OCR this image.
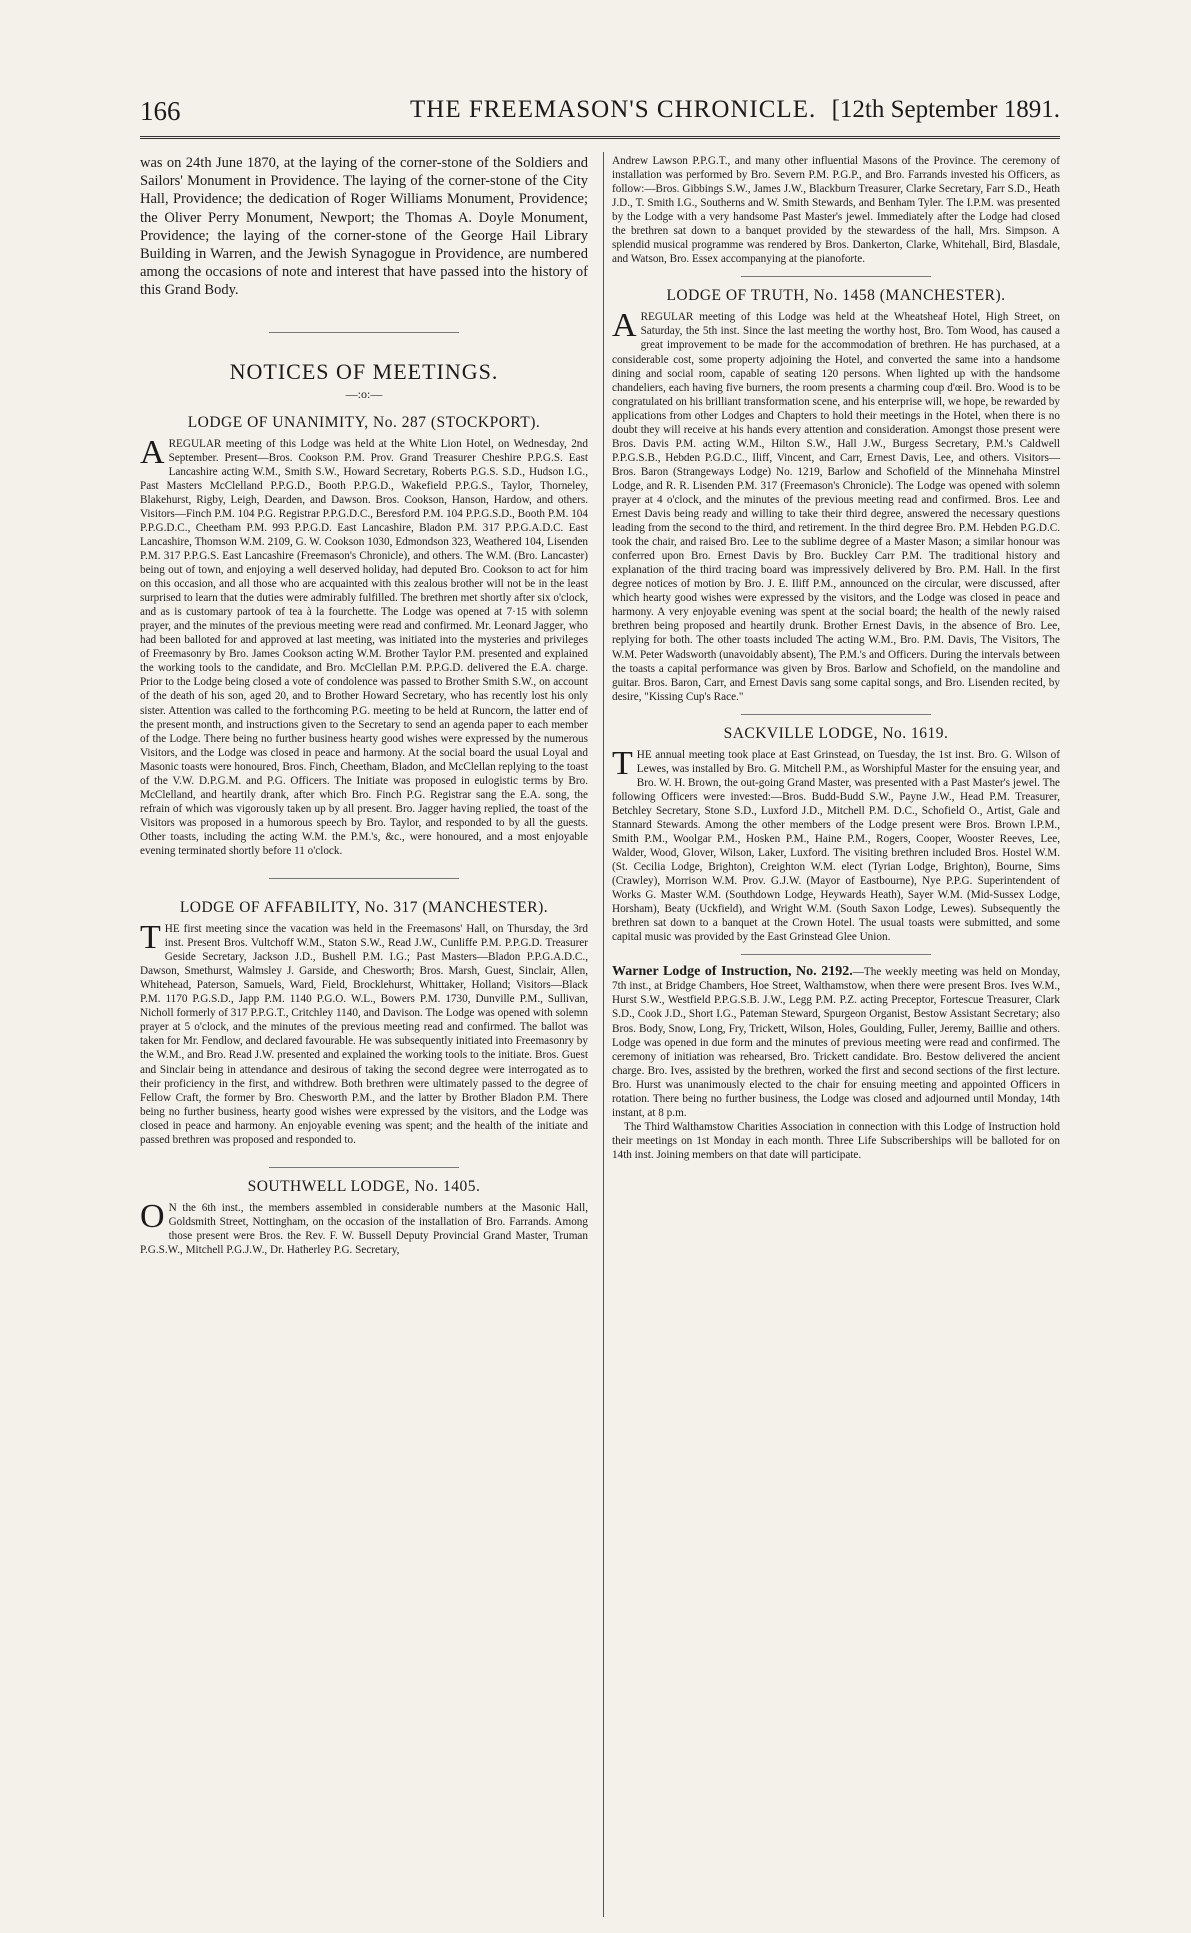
166	THE FREEMASON'S CHRONICLE. [12th September 1891.

was on 24th June 1870, at the laying of the corner-stone of the Soldiers and Sailors' Monument in Providence. The laying of the corner-stone of the City Hall, Providence; the dedication of Roger Williams Monument, Providence; the Oliver Perry Monument, Newport; the Thomas A. Doyle Monument, Providence; the laying of the corner-stone of the George Hail Library Building in Warren, and the Jewish Synagogue in Providence, are numbered among the occasions of note and interest that have passed into the history of this Grand Body.

NOTICES OF MEETINGS.
—:o:—
LODGE OF UNANIMITY, No. 287 (STOCKPORT).

AREGULAR meeting of this Lodge was held at the White Lion Hotel, on Wednesday, 2nd September. Present—Bros. Cookson P.M. Prov. Grand Treasurer Cheshire P.P.G.S. East Lancashire acting W.M., Smith S.W., Howard Secretary, Roberts P.G.S. S.D., Hudson I.G., Past Masters McClelland P.P.G.D., Booth P.P.G.D., Wakefield P.P.G.S., Taylor, Thorneley, Blakehurst, Rigby, Leigh, Dearden, and Dawson. Bros. Cookson, Hanson, Hardow, and others. Visitors—Finch P.M. 104 P.G. Registrar P.P.G.D.C., Beresford P.M. 104 P.P.G.S.D., Booth P.M. 104 P.P.G.D.C., Cheetham P.M. 993 P.P.G.D. East Lancashire, Bladon P.M. 317 P.P.G.A.D.C. East Lancashire, Thomson W.M. 2109, G. W. Cookson 1030, Edmondson 323, Weathered 104, Lisenden P.M. 317 P.P.G.S. East Lancashire (Freemason's Chronicle), and others. The W.M. (Bro. Lancaster) being out of town, and enjoying a well deserved holiday, had deputed Bro. Cookson to act for him on this occasion, and all those who are acquainted with this zealous brother will not be in the least surprised to learn that the duties were admirably fulfilled. The brethren met shortly after six o'clock, and as is customary partook of tea à la fourchette. The Lodge was opened at 7·15 with solemn prayer, and the minutes of the previous meeting were read and confirmed. Mr. Leonard Jagger, who had been balloted for and approved at last meeting, was initiated into the mysteries and privileges of Freemasonry by Bro. James Cookson acting W.M. Brother Taylor P.M. presented and explained the working tools to the candidate, and Bro. McClellan P.M. P.P.G.D. delivered the E.A. charge. Prior to the Lodge being closed a vote of condolence was passed to Brother Smith S.W., on account of the death of his son, aged 20, and to Brother Howard Secretary, who has recently lost his only sister. Attention was called to the forthcoming P.G. meeting to be held at Runcorn, the latter end of the present month, and instructions given to the Secretary to send an agenda paper to each member of the Lodge. There being no further business hearty good wishes were expressed by the numerous Visitors, and the Lodge was closed in peace and harmony. At the social board the usual Loyal and Masonic toasts were honoured, Bros. Finch, Cheetham, Bladon, and McClellan replying to the toast of the V.W. D.P.G.M. and P.G. Officers. The Initiate was proposed in eulogistic terms by Bro. McClelland, and heartily drank, after which Bro. Finch P.G. Registrar sang the E.A. song, the refrain of which was vigorously taken up by all present. Bro. Jagger having replied, the toast of the Visitors was proposed in a humorous speech by Bro. Taylor, and responded to by all the guests. Other toasts, including the acting W.M. the P.M.'s, &c., were honoured, and a most enjoyable evening terminated shortly before 11 o'clock.

LODGE OF AFFABILITY, No. 317 (MANCHESTER).

THE first meeting since the vacation was held in the Freemasons' Hall, on Thursday, the 3rd inst. Present Bros. Vultchoff W.M., Staton S.W., Read J.W., Cunliffe P.M. P.P.G.D. Treasurer Geside Secretary, Jackson J.D., Bushell P.M. I.G.; Past Masters—Bladon P.P.G.A.D.C., Dawson, Smethurst, Walmsley J. Garside, and Chesworth; Bros. Marsh, Guest, Sinclair, Allen, Whitehead, Paterson, Samuels, Ward, Field, Brocklehurst, Whittaker, Holland; Visitors—Black P.M. 1170 P.G.S.D., Japp P.M. 1140 P.G.O. W.L., Bowers P.M. 1730, Dunville P.M., Sullivan, Nicholl formerly of 317 P.P.G.T., Critchley 1140, and Davison. The Lodge was opened with solemn prayer at 5 o'clock, and the minutes of the previous meeting read and confirmed. The ballot was taken for Mr. Fendlow, and declared favourable. He was subsequently initiated into Freemasonry by the W.M., and Bro. Read J.W. presented and explained the working tools to the initiate. Bros. Guest and Sinclair being in attendance and desirous of taking the second degree were interrogated as to their proficiency in the first, and withdrew. Both brethren were ultimately passed to the degree of Fellow Craft, the former by Bro. Chesworth P.M., and the latter by Brother Bladon P.M. There being no further business, hearty good wishes were expressed by the visitors, and the Lodge was closed in peace and harmony. An enjoyable evening was spent; and the health of the initiate and passed brethren was proposed and responded to.

SOUTHWELL LODGE, No. 1405.

O N the 6th inst., the members assembled in considerable numbers at the Masonic Hall, Goldsmith Street, Nottingham, on the occasion of the installation of Bro. Farrands. Among those present were Bros. the Rev. F. W. Bussell Deputy Provincial Grand Master, Truman P.G.S.W., Mitchell P.G.J.W., Dr. Hatherley P.G. Secretary,

Andrew Lawson P.P.G.T., and many other influential Masons of the Province. The ceremony of installation was performed by Bro. Severn P.M. P.G.P., and Bro. Farrands invested his Officers, as follow:—Bros. Gibbings S.W., James J.W., Blackburn Treasurer, Clarke Secretary, Farr S.D., Heath J.D., T. Smith I.G., Southerns and W. Smith Stewards, and Benham Tyler. The I.P.M. was presented by the Lodge with a very handsome Past Master's jewel. Immediately after the Lodge had closed the brethren sat down to a banquet provided by the stewardess of the hall, Mrs. Simpson. A splendid musical programme was rendered by Bros. Dankerton, Clarke, Whitehall, Bird, Blasdale, and Watson, Bro. Essex accompanying at the pianoforte.

LODGE OF TRUTH, No. 1458 (MANCHESTER).

AREGULAR meeting of this Lodge was held at the Wheatsheaf Hotel, High Street, on Saturday, the 5th inst. Since the last meeting the worthy host, Bro. Tom Wood, has caused a great improvement to be made for the accommodation of brethren. He has purchased, at a considerable cost, some property adjoining the Hotel, and converted the same into a handsome dining and social room, capable of seating 120 persons. When lighted up with the handsome chandeliers, each having five burners, the room presents a charming coup d'œil. Bro. Wood is to be congratulated on his brilliant transformation scene, and his enterprise will, we hope, be rewarded by applications from other Lodges and Chapters to hold their meetings in the Hotel, when there is no doubt they will receive at his hands every attention and consideration. Amongst those present were Bros. Davis P.M. acting W.M., Hilton S.W., Hall J.W., Burgess Secretary, P.M.'s Caldwell P.P.G.S.B., Hebden P.G.D.C., Iliff, Vincent, and Carr, Ernest Davis, Lee, and others. Visitors—Bros. Baron (Strangeways Lodge) No. 1219, Barlow and Schofield of the Minnehaha Minstrel Lodge, and R. R. Lisenden P.M. 317 (Freemason's Chronicle). The Lodge was opened with solemn prayer at 4 o'clock, and the minutes of the previous meeting read and confirmed. Bros. Lee and Ernest Davis being ready and willing to take their third degree, answered the necessary questions leading from the second to the third, and retirement. In the third degree Bro. P.M. Hebden P.G.D.C. took the chair, and raised Bro. Lee to the sublime degree of a Master Mason; a similar honour was conferred upon Bro. Ernest Davis by Bro. Buckley Carr P.M. The traditional history and explanation of the third tracing board was impressively delivered by Bro. P.M. Hall. In the first degree notices of motion by Bro. J. E. Iliff P.M., announced on the circular, were discussed, after which hearty good wishes were expressed by the visitors, and the Lodge was closed in peace and harmony. A very enjoyable evening was spent at the social board; the health of the newly raised brethren being proposed and heartily drunk. Brother Ernest Davis, in the absence of Bro. Lee, replying for both. The other toasts included The acting W.M., Bro. P.M. Davis, The Visitors, The W.M. Peter Wadsworth (unavoidably absent), The P.M.'s and Officers. During the intervals between the toasts a capital performance was given by Bros. Barlow and Schofield, on the mandoline and guitar. Bros. Baron, Carr, and Ernest Davis sang some capital songs, and Bro. Lisenden recited, by desire, "Kissing Cup's Race."

SACKVILLE LODGE, No. 1619.

THE annual meeting took place at East Grinstead, on Tuesday, the 1st inst. Bro. G. Wilson of Lewes, was installed by Bro. G. Mitchell P.M., as Worshipful Master for the ensuing year, and Bro. W. H. Brown, the out-going Grand Master, was presented with a Past Master's jewel. The following Officers were invested:—Bros. Budd-Budd S.W., Payne J.W., Head P.M. Treasurer, Betchley Secretary, Stone S.D., Luxford J.D., Mitchell P.M. D.C., Schofield O., Artist, Gale and Stannard Stewards. Among the other members of the Lodge present were Bros. Brown I.P.M., Smith P.M., Woolgar P.M., Hosken P.M., Haine P.M., Rogers, Cooper, Wooster Reeves, Lee, Walder, Wood, Glover, Wilson, Laker, Luxford. The visiting brethren included Bros. Hostel W.M. (St. Cecilia Lodge, Brighton), Creighton W.M. elect (Tyrian Lodge, Brighton), Bourne, Sims (Crawley), Morrison W.M. Prov. G.J.W. (Mayor of Eastbourne), Nye P.P.G. Superintendent of Works G. Master W.M. (Southdown Lodge, Heywards Heath), Sayer W.M. (Mid-Sussex Lodge, Horsham), Beaty (Uckfield), and Wright W.M. (South Saxon Lodge, Lewes). Subsequently the brethren sat down to a banquet at the Crown Hotel. The usual toasts were submitted, and some capital music was provided by the East Grinstead Glee Union.

Warner Lodge of Instruction, No. 2192.—The weekly meeting was held on Monday, 7th inst., at Bridge Chambers, Hoe Street, Walthamstow, when there were present Bros. Ives W.M., Hurst S.W., Westfield P.P.G.S.B. J.W., Legg P.M. P.Z. acting Preceptor, Fortescue Treasurer, Clark S.D., Cook J.D., Short I.G., Pateman Steward, Spurgeon Organist, Bestow Assistant Secretary; also Bros. Body, Snow, Long, Fry, Trickett, Wilson, Holes, Goulding, Fuller, Jeremy, Baillie and others. Lodge was opened in due form and the minutes of previous meeting were read and confirmed. The ceremony of initiation was rehearsed, Bro. Trickett candidate. Bro. Bestow delivered the ancient charge. Bro. Ives, assisted by the brethren, worked the first and second sections of the first lecture. Bro. Hurst was unanimously elected to the chair for ensuing meeting and appointed Officers in rotation. There being no further business, the Lodge was closed and adjourned until Monday, 14th instant, at 8 p.m.

The Third Walthamstow Charities Association in connection with this Lodge of Instruction hold their meetings on 1st Monday in each month. Three Life Subscriberships will be balloted for on 14th inst. Joining members on that date will participate.
